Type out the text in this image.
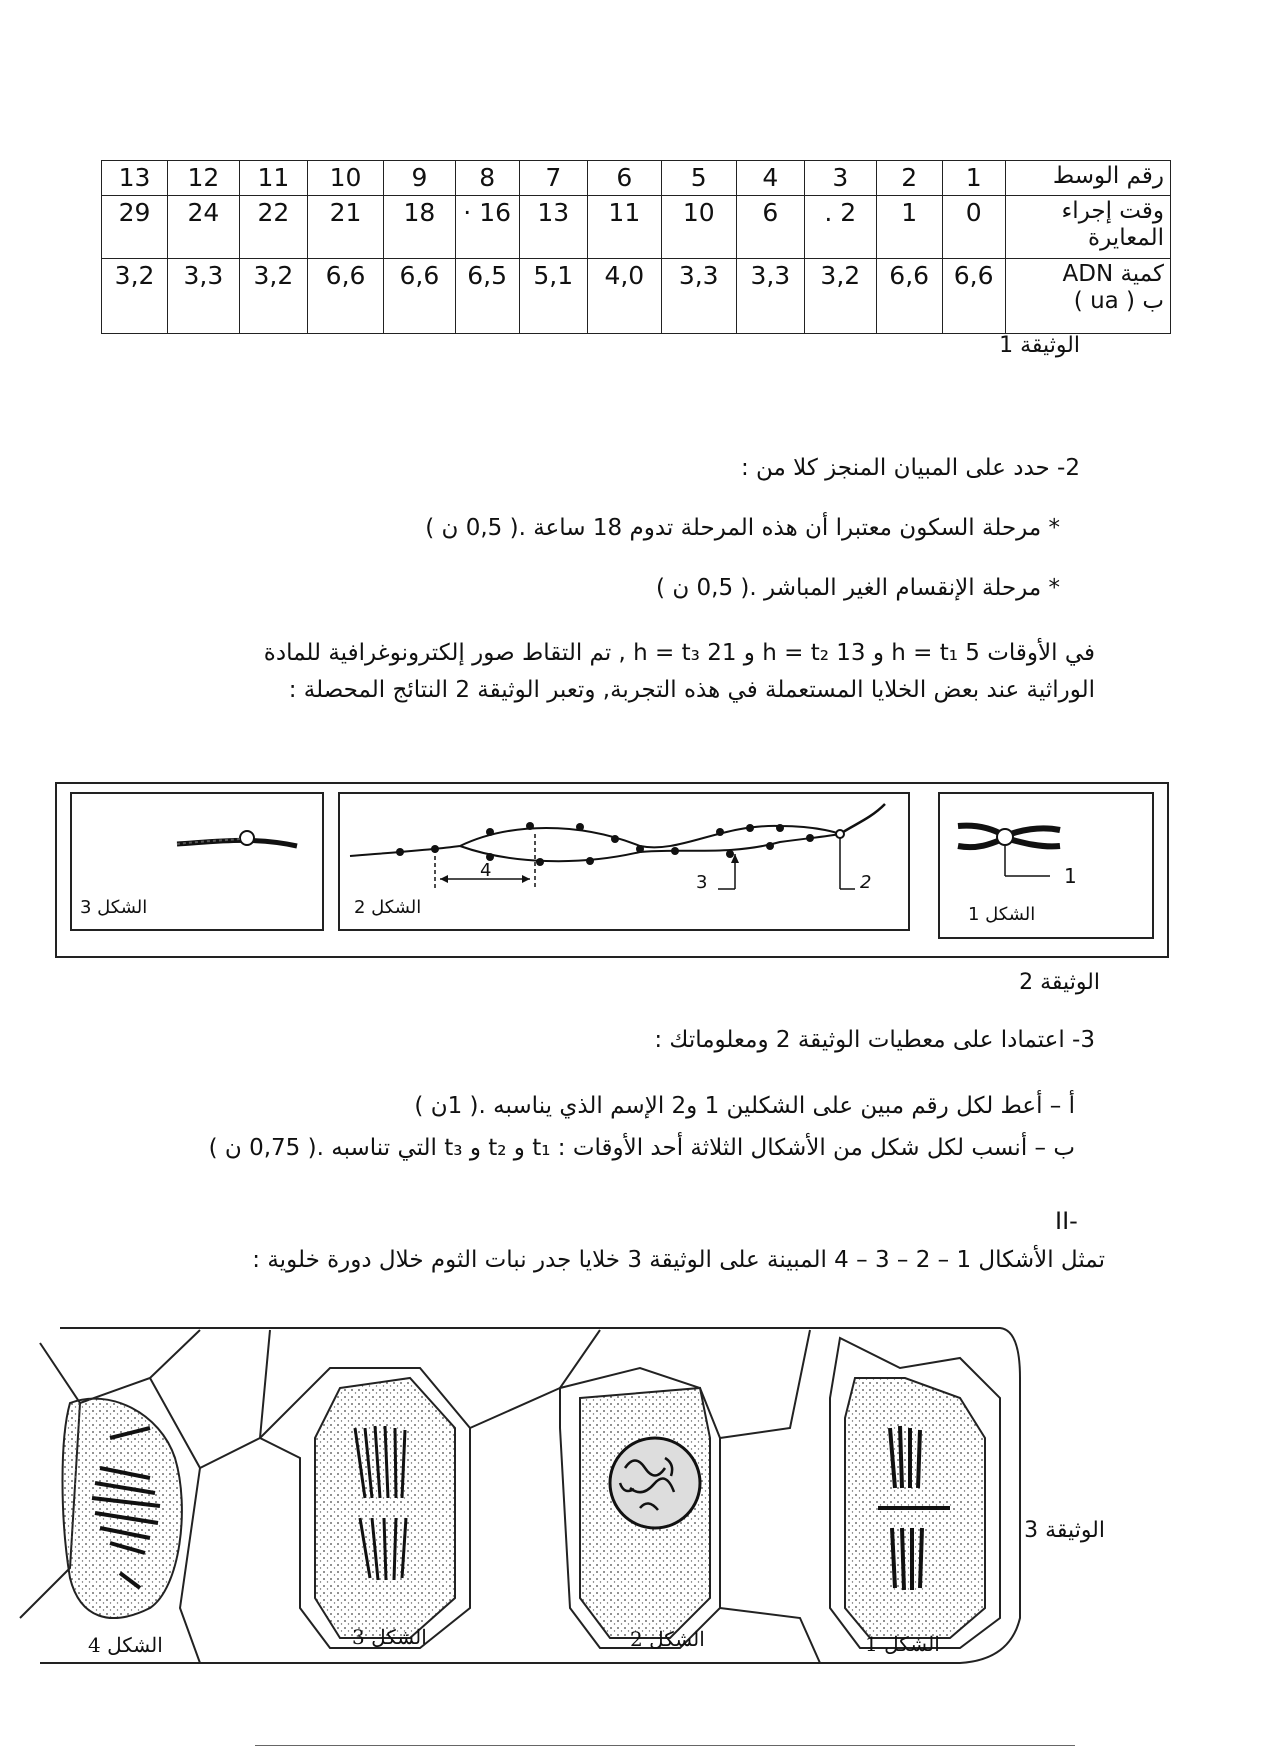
13	12	11	10	9	8	7	6	5	4	3	2	1	رقم الوسط
29	24	22	21	18	· 16	13	11	10	6	. 2	1	0	وقت إجراء
المعايرة

3,2	3,3	3,2	6,6	6,6	6,5	5,1	4,0	3,3	3,3	3,2	6,6	6,6	كمية ADN
ب ( ua )
الوثيقة 1
2- حدد على المبيان المنجز كلا من :
* مرحلة السكون معتبرا أن هذه المرحلة تدوم 18 ساعة .( 0,5 ن )
* مرحلة الإنقسام الغير المباشر .( 0,5 ن )
في الأوقات 5 h = t₁ و 13 h = t₂ و 21 h = t₃ , تم التقاط صور إلكترونوغرافية للمادة
الوراثية عند بعض الخلايا المستعملة في هذه التجربة, وتعبر الوثيقة 2 النتائج المحصلة :
الشكل 3
4
3	2
الشكل 2
1
الشكل 1
الوثيقة 2
3- اعتمادا على معطيات الوثيقة 2 ومعلوماتك :
أ – أعط لكل رقم مبين على الشكلين 1 و2 الإسم الذي يناسبه .( 1ن )
ب – أنسب لكل شكل من الأشكال الثلاثة أحد الأوقات : t₁ و t₂ و t₃ التي تناسبه .( 0,75 ن )
II-
تمثل الأشكال 1 – 2 – 3 – 4 المبينة على الوثيقة 3 خلايا جدر نبات الثوم خلال دورة خلوية :
الشكل 4	الشكل 3	الشكل 2	الشكل 1
الوثيقة 3
